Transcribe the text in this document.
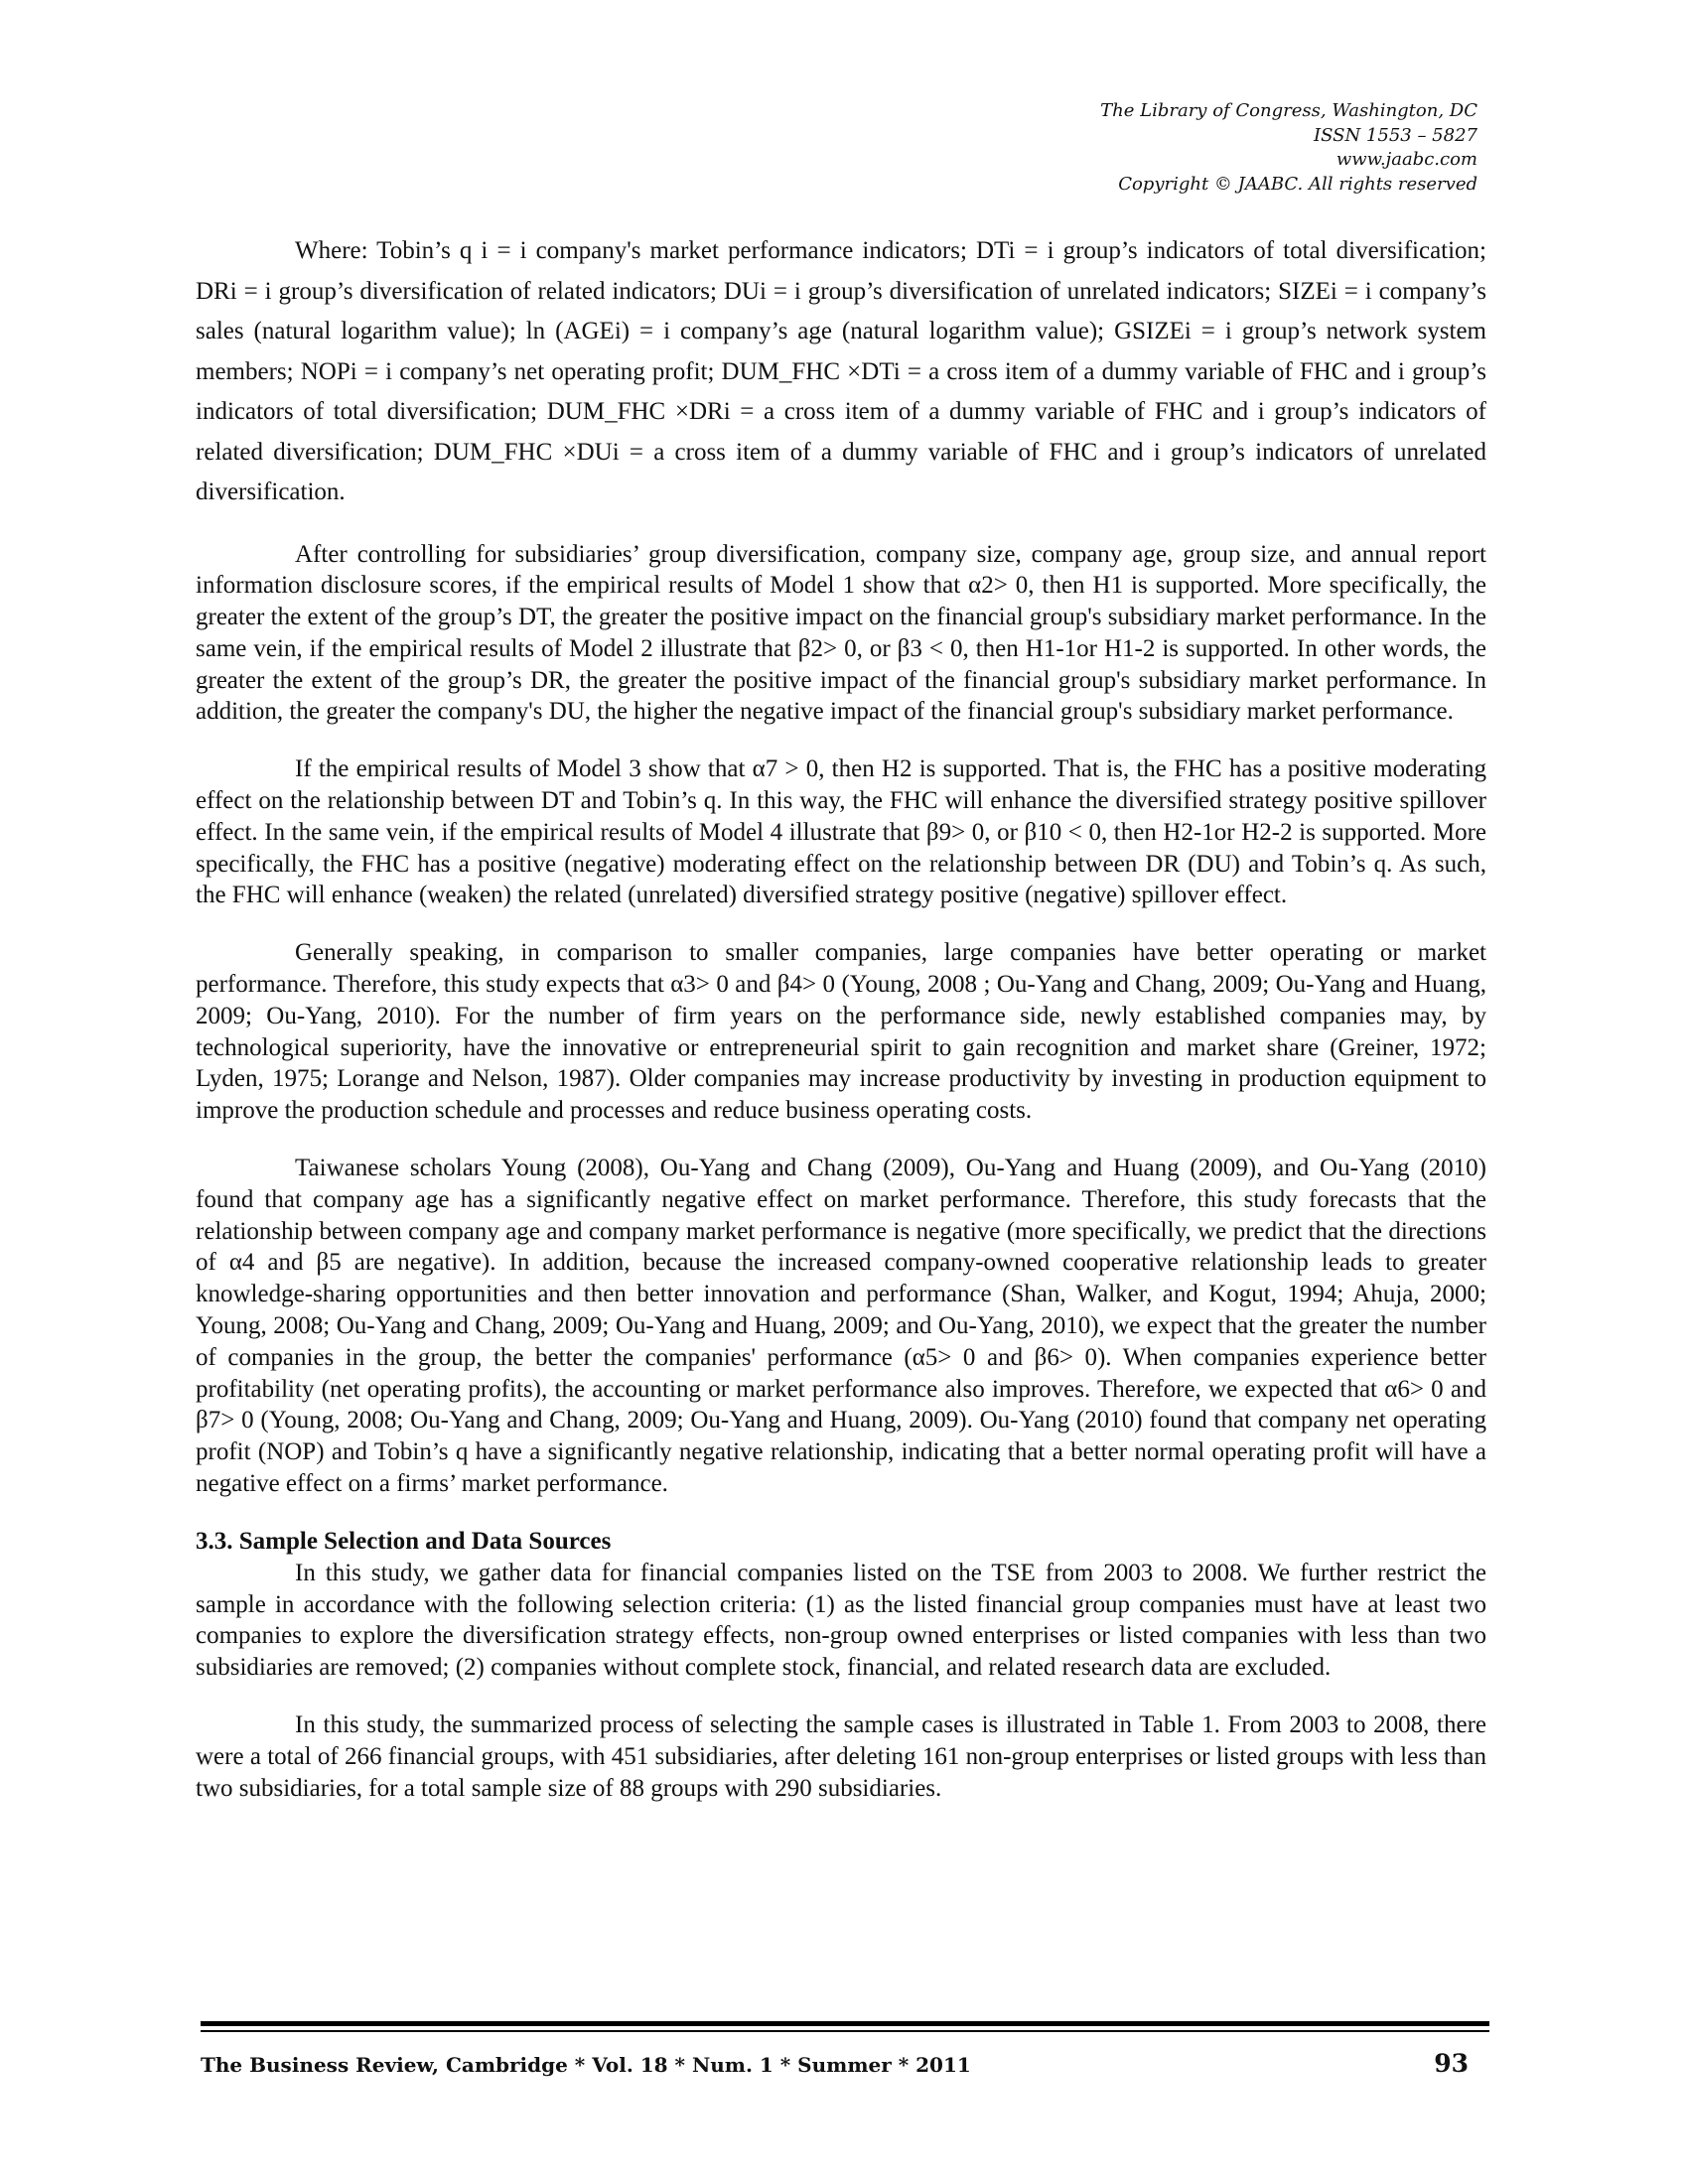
The Library of Congress, Washington, DC
ISSN 1553 – 5827
www.jaabc.com
Copyright © JAABC. All rights reserved

Where: Tobin’s q i = i company's market performance indicators; DTi = i group’s indicators of total diversification; DRi = i group’s diversification of related indicators; DUi = i group’s diversification of unrelated indicators; SIZEi = i company’s sales (natural logarithm value); ln (AGEi) = i company’s age (natural logarithm value); GSIZEi = i group’s network system members; NOPi = i company’s net operating profit; DUM_FHC ×DTi = a cross item of a dummy variable of FHC and i group’s indicators of total diversification; DUM_FHC ×DRi = a cross item of a dummy variable of FHC and i group’s indicators of related diversification; DUM_FHC ×DUi = a cross item of a dummy variable of FHC and i group’s indicators of unrelated diversification.

After controlling for subsidiaries’ group diversification, company size, company age, group size, and annual report information disclosure scores, if the empirical results of Model 1 show that α2> 0, then H1 is supported. More specifically, the greater the extent of the group’s DT, the greater the positive impact on the financial group's subsidiary market performance. In the same vein, if the empirical results of Model 2 illustrate that β2> 0, or β3 < 0, then H1-1or H1-2 is supported. In other words, the greater the extent of the group’s DR, the greater the positive impact of the financial group's subsidiary market performance. In addition, the greater the company's DU, the higher the negative impact of the financial group's subsidiary market performance.

If the empirical results of Model 3 show that α7 > 0, then H2 is supported. That is, the FHC has a positive moderating effect on the relationship between DT and Tobin’s q. In this way, the FHC will enhance the diversified strategy positive spillover effect. In the same vein, if the empirical results of Model 4 illustrate that β9> 0, or β10 < 0, then H2-1or H2-2 is supported. More specifically, the FHC has a positive (negative) moderating effect on the relationship between DR (DU) and Tobin’s q. As such, the FHC will enhance (weaken) the related (unrelated) diversified strategy positive (negative) spillover effect.

Generally speaking, in comparison to smaller companies, large companies have better operating or market performance. Therefore, this study expects that α3> 0 and β4> 0 (Young, 2008 ; Ou-Yang and Chang, 2009; Ou-Yang and Huang, 2009; Ou-Yang, 2010). For the number of firm years on the performance side, newly established companies may, by technological superiority, have the innovative or entrepreneurial spirit to gain recognition and market share (Greiner, 1972; Lyden, 1975; Lorange and Nelson, 1987). Older companies may increase productivity by investing in production equipment to improve the production schedule and processes and reduce business operating costs.

Taiwanese scholars Young (2008), Ou-Yang and Chang (2009), Ou-Yang and Huang (2009), and Ou-Yang (2010) found that company age has a significantly negative effect on market performance. Therefore, this study forecasts that the relationship between company age and company market performance is negative (more specifically, we predict that the directions of α4 and β5 are negative). In addition, because the increased company-owned cooperative relationship leads to greater knowledge-sharing opportunities and then better innovation and performance (Shan, Walker, and Kogut, 1994; Ahuja, 2000; Young, 2008; Ou-Yang and Chang, 2009; Ou-Yang and Huang, 2009; and Ou-Yang, 2010), we expect that the greater the number of companies in the group, the better the companies' performance (α5> 0 and β6> 0). When companies experience better profitability (net operating profits), the accounting or market performance also improves. Therefore, we expected that α6> 0 and β7> 0 (Young, 2008; Ou-Yang and Chang, 2009; Ou-Yang and Huang, 2009). Ou-Yang (2010) found that company net operating profit (NOP) and Tobin’s q have a significantly negative relationship, indicating that a better normal operating profit will have a negative effect on a firms’ market performance.

3.3. Sample Selection and Data Sources

In this study, we gather data for financial companies listed on the TSE from 2003 to 2008. We further restrict the sample in accordance with the following selection criteria: (1) as the listed financial group companies must have at least two companies to explore the diversification strategy effects, non-group owned enterprises or listed companies with less than two subsidiaries are removed; (2) companies without complete stock, financial, and related research data are excluded.

In this study, the summarized process of selecting the sample cases is illustrated in Table 1. From 2003 to 2008, there were a total of 266 financial groups, with 451 subsidiaries, after deleting 161 non-group enterprises or listed groups with less than two subsidiaries, for a total sample size of 88 groups with 290 subsidiaries.

The Business Review, Cambridge * Vol. 18 * Num. 1 * Summer * 2011	93
